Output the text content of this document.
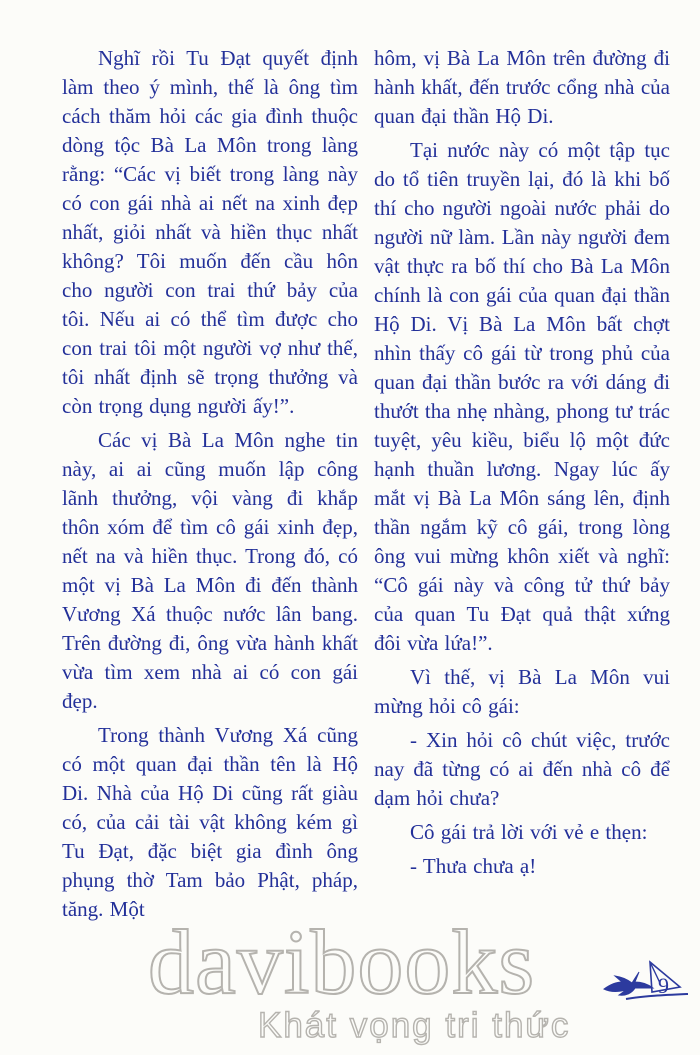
davibooks
Khát vọng tri thức

Nghĩ rồi Tu Đạt quyết định làm theo ý mình, thế là ông tìm cách thăm hỏi các gia đình thuộc dòng tộc Bà La Môn trong làng rằng: “Các vị biết trong làng này có con gái nhà ai nết na xinh đẹp nhất, giỏi nhất và hiền thục nhất không? Tôi muốn đến cầu hôn cho người con trai thứ bảy của tôi. Nếu ai có thể tìm được cho con trai tôi một người vợ như thế, tôi nhất định sẽ trọng thưởng và còn trọng dụng người ấy!”.

Các vị Bà La Môn nghe tin này, ai ai cũng muốn lập công lãnh thưởng, vội vàng đi khắp thôn xóm để tìm cô gái xinh đẹp, nết na và hiền thục. Trong đó, có một vị Bà La Môn đi đến thành Vương Xá thuộc nước lân bang. Trên đường đi, ông vừa hành khất vừa tìm xem nhà ai có con gái đẹp.

Trong thành Vương Xá cũng có một quan đại thần tên là Hộ Di. Nhà của Hộ Di cũng rất giàu có, của cải tài vật không kém gì Tu Đạt, đặc biệt gia đình ông phụng thờ Tam bảo Phật, pháp, tăng. Một

hôm, vị Bà La Môn trên đường đi hành khất, đến trước cổng nhà của quan đại thần Hộ Di.

Tại nước này có một tập tục do tổ tiên truyền lại, đó là khi bố thí cho người ngoài nước phải do người nữ làm. Lần này người đem vật thực ra bố thí cho Bà La Môn chính là con gái của quan đại thần Hộ Di. Vị Bà La Môn bất chợt nhìn thấy cô gái từ trong phủ của quan đại thần bước ra với dáng đi thướt tha nhẹ nhàng, phong tư trác tuyệt, yêu kiều, biểu lộ một đức hạnh thuần lương. Ngay lúc ấy mắt vị Bà La Môn sáng lên, định thần ngắm kỹ cô gái, trong lòng ông vui mừng khôn xiết và nghĩ: “Cô gái này và công tử thứ bảy của quan Tu Đạt quả thật xứng đôi vừa lứa!”.

Vì thế, vị Bà La Môn vui mừng hỏi cô gái:

- Xin hỏi cô chút việc, trước nay đã từng có ai đến nhà cô để dạm hỏi chưa?

Cô gái trả lời với vẻ e thẹn:

- Thưa chưa ạ!

9
